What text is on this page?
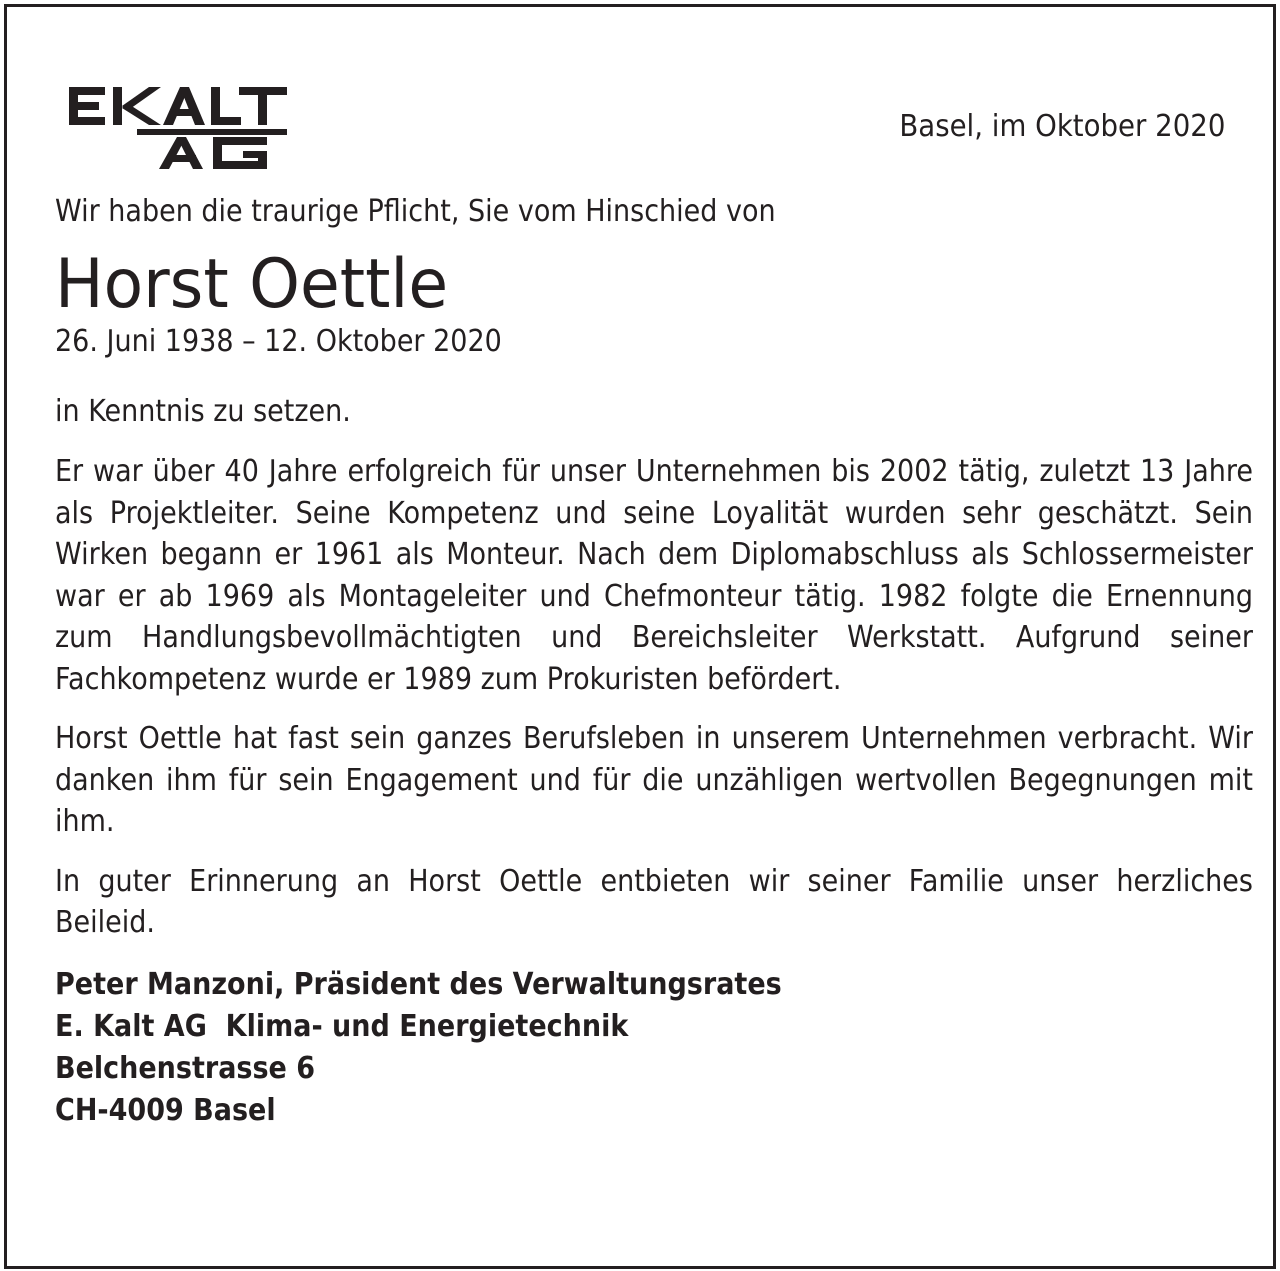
Basel, im Oktober 2020
Wir haben die traurige Pflicht, Sie vom Hinschied von
Horst Oettle
26. Juni 1938 – 12. Oktober 2020
in Kenntnis zu setzen.
Er war über 40 Jahre erfolgreich für unser Unternehmen bis 2002 tätig, zuletzt 13 Jahre als Projektleiter. Seine Kompetenz und seine Loyalität wurden sehr geschätzt. Sein Wirken begann er 1961 als Monteur. Nach dem Diplomabschluss als Schlossermeister war er ab 1969 als Montageleiter und Chefmonteur tätig. 1982 folgte die Ernennung zum Handlungsbevollmächtigten und Bereichsleiter Werkstatt. Aufgrund seiner Fachkompetenz wurde er 1989 zum Prokuristen befördert.
Horst Oettle hat fast sein ganzes Berufsleben in unserem Unternehmen verbracht. Wir danken ihm für sein Engagement und für die unzähligen wertvollen Begegnungen mit ihm.
In guter Erinnerung an Horst Oettle entbieten wir seiner Familie unser herzliches Beileid.
Peter Manzoni, Präsident des Verwaltungsrates
E. Kalt AG  Klima- und Energietechnik
Belchenstrasse 6
CH-4009 Basel
